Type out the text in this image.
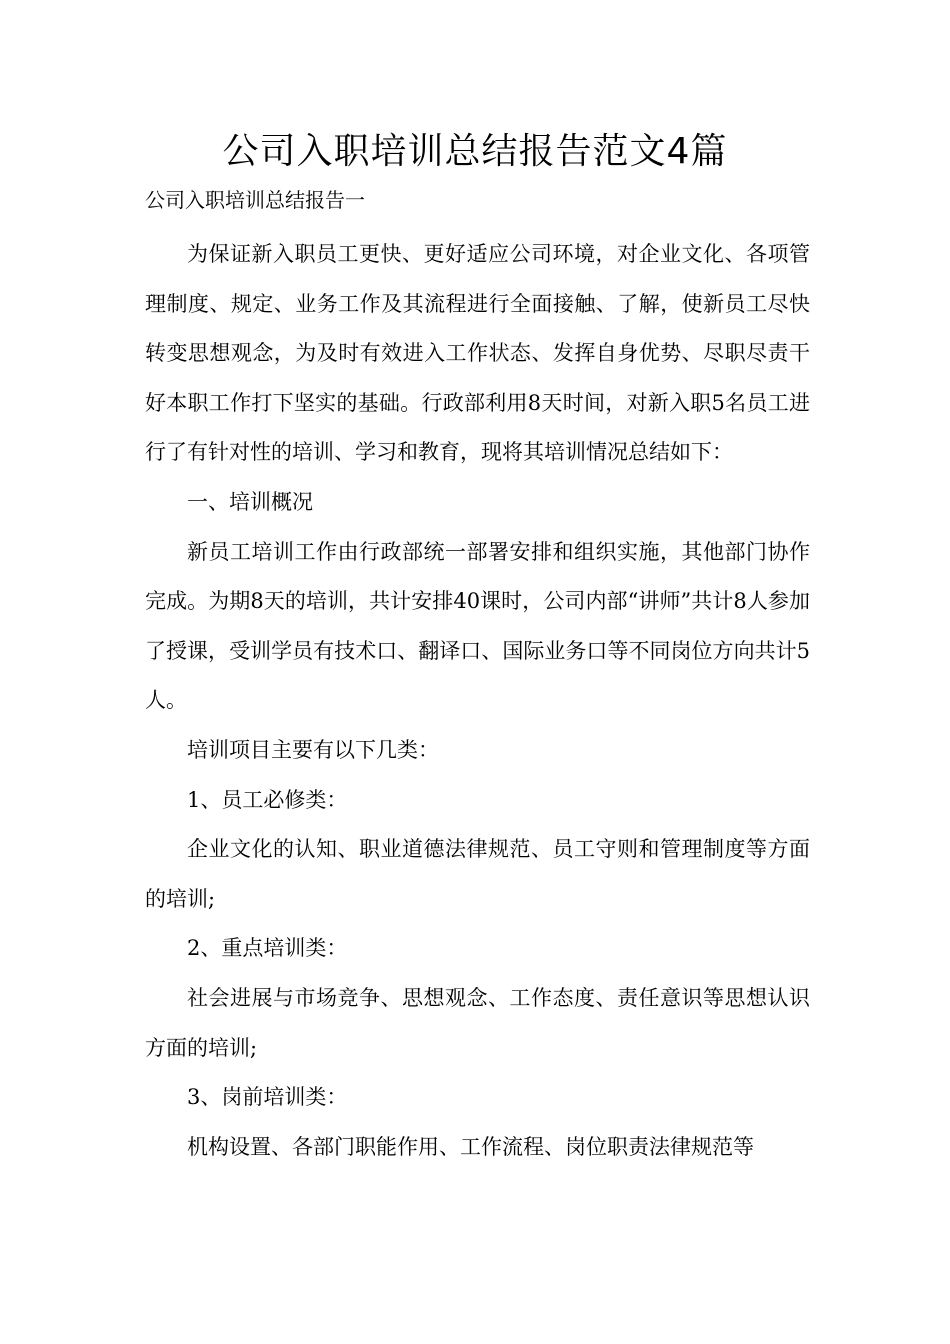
公司入职培训总结报告范文4篇
公司入职培训总结报告一

为保证新入职员工更快、更好适应公司环境，对企业文化、各项管理制度、规定、业务工作及其流程进行全面接触、了解，使新员工尽快转变思想观念，为及时有效进入工作状态、发挥自身优势、尽职尽责干好本职工作打下坚实的基础。行政部利用8天时间，对新入职5名员工进行了有针对性的培训、学习和教育，现将其培训情况总结如下：

一、培训概况

新员工培训工作由行政部统一部署安排和组织实施，其他部门协作完成。为期8天的培训，共计安排40课时，公司内部“讲师”共计8人参加了授课，受训学员有技术口、翻译口、国际业务口等不同岗位方向共计5人。

培训项目主要有以下几类：

1、员工必修类：

企业文化的认知、职业道德法律规范、员工守则和管理制度等方面的培训;

2、重点培训类：

社会进展与市场竞争、思想观念、工作态度、责任意识等思想认识方面的培训;

3、岗前培训类：

机构设置、各部门职能作用、工作流程、岗位职责法律规范等
